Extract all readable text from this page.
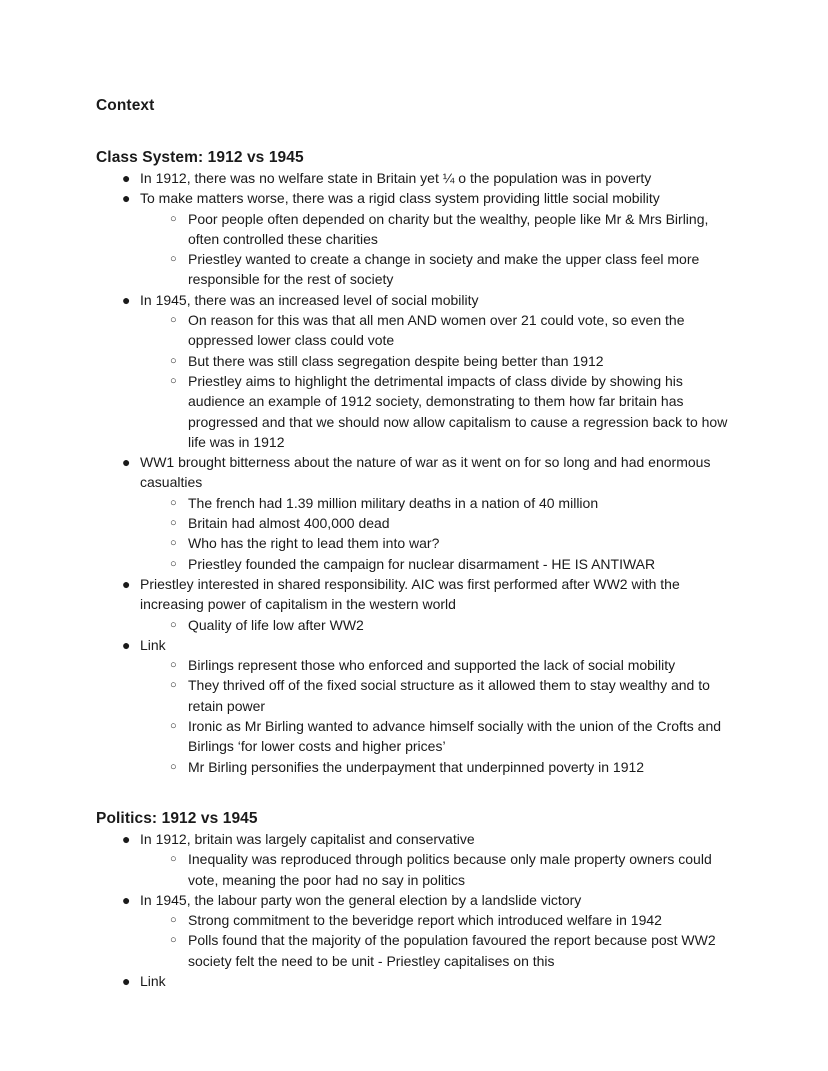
Context
Class System: 1912 vs 1945
● In 1912, there was no welfare state in Britain yet ¼ o the population was in poverty
● To make matters worse, there was a rigid class system providing little social mobility
○ Poor people often depended on charity but the wealthy, people like Mr & Mrs Birling, often controlled these charities
○ Priestley wanted to create a change in society and make the upper class feel more responsible for the rest of society
● In 1945, there was an increased level of social mobility
○ On reason for this was that all men AND women over 21 could vote, so even the oppressed lower class could vote
○ But there was still class segregation despite being better than 1912
○ Priestley aims to highlight the detrimental impacts of class divide by showing his audience an example of 1912 society, demonstrating to them how far britain has progressed and that we should now allow capitalism to cause a regression back to how life was in 1912
● WW1 brought bitterness about the nature of war as it went on for so long and had enormous casualties
○ The french had 1.39 million military deaths in a nation of 40 million
○ Britain had almost 400,000 dead
○ Who has the right to lead them into war?
○ Priestley founded the campaign for nuclear disarmament - HE IS ANTIWAR
● Priestley interested in shared responsibility. AIC was first performed after WW2 with the increasing power of capitalism in the western world
○ Quality of life low after WW2
● Link
○ Birlings represent those who enforced and supported the lack of social mobility
○ They thrived off of the fixed social structure as it allowed them to stay wealthy and to retain power
○ Ironic as Mr Birling wanted to advance himself socially with the union of the Crofts and Birlings ‘for lower costs and higher prices’
○ Mr Birling personifies the underpayment that underpinned poverty in 1912
Politics: 1912 vs 1945
● In 1912, britain was largely capitalist and conservative
○ Inequality was reproduced through politics because only male property owners could vote, meaning the poor had no say in politics
● In 1945, the labour party won the general election by a landslide victory
○ Strong commitment to the beveridge report which introduced welfare in 1942
○ Polls found that the majority of the population favoured the report because post WW2 society felt the need to be unit - Priestley capitalises on this
● Link
